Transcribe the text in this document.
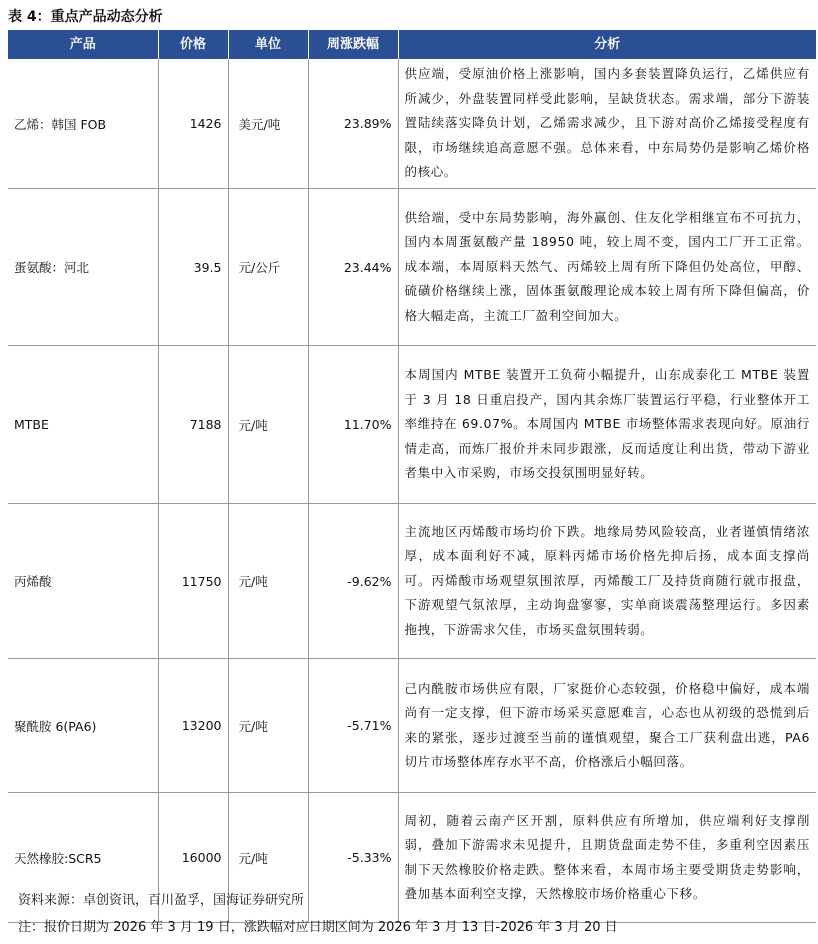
表 4：重点产品动态分析
产品	价格	单位	周涨跌幅	分析
乙烯：韩国 FOB	1426	美元/吨	23.89%	供应端，受原油价格上涨影响，国内多套装置降负运行，乙烯供应有所减少，外盘装置同样受此影响，呈缺货状态。需求端，部分下游装置陆续落实降负计划，乙烯需求减少，且下游对高价乙烯接受程度有限，市场继续追高意愿不强。总体来看，中东局势仍是影响乙烯价格的核心。
蛋氨酸：河北	39.5	元/公斤	23.44%	供给端，受中东局势影响，海外赢创、住友化学相继宣布不可抗力，国内本周蛋氨酸产量 18950 吨，较上周不变，国内工厂开工正常。成本端，本周原料天然气、丙烯较上周有所下降但仍处高位，甲醇、硫磺价格继续上涨，固体蛋氨酸理论成本较上周有所下降但偏高，价格大幅走高，主流工厂盈利空间加大。
MTBE	7188	元/吨	11.70%	本周国内 MTBE 装置开工负荷小幅提升，山东成泰化工 MTBE 装置于 3 月 18 日重启投产，国内其余炼厂装置运行平稳，行业整体开工率维持在 69.07%。本周国内 MTBE 市场整体需求表现向好。原油行情走高，而炼厂报价并未同步跟涨，反而适度让利出货，带动下游业者集中入市采购，市场交投氛围明显好转。
丙烯酸	11750	元/吨	-9.62%	主流地区丙烯酸市场均价下跌。地缘局势风险较高，业者谨慎情绪浓厚，成本面利好不减，原料丙烯市场价格先抑后扬，成本面支撑尚可。丙烯酸市场观望氛围浓厚，丙烯酸工厂及持货商随行就市报盘，下游观望气氛浓厚，主动询盘寥寥，实单商谈震荡整理运行。多因素拖拽，下游需求欠佳，市场买盘氛围转弱。
聚酰胺 6(PA6)	13200	元/吨	-5.71%	己内酰胺市场供应有限，厂家挺价心态较强，价格稳中偏好，成本端尚有一定支撑，但下游市场采买意愿难言，心态也从初级的恐慌到后来的紧张，逐步过渡至当前的谨慎观望，聚合工厂获利盘出逃，PA6 切片市场整体库存水平不高，价格涨后小幅回落。
天然橡胶:SCR5	16000	元/吨	-5.33%	周初，随着云南产区开割，原料供应有所增加，供应端利好支撑削弱，叠加下游需求未见提升，且期货盘面走势不佳，多重利空因素压制下天然橡胶价格走跌。整体来看，本周市场主要受期货走势影响，叠加基本面利空支撑，天然橡胶市场价格重心下移。
资料来源：卓创资讯，百川盈孚，国海证券研究所
注：报价日期为 2026 年 3 月 19 日，涨跌幅对应日期区间为 2026 年 3 月 13 日-2026 年 3 月 20 日
